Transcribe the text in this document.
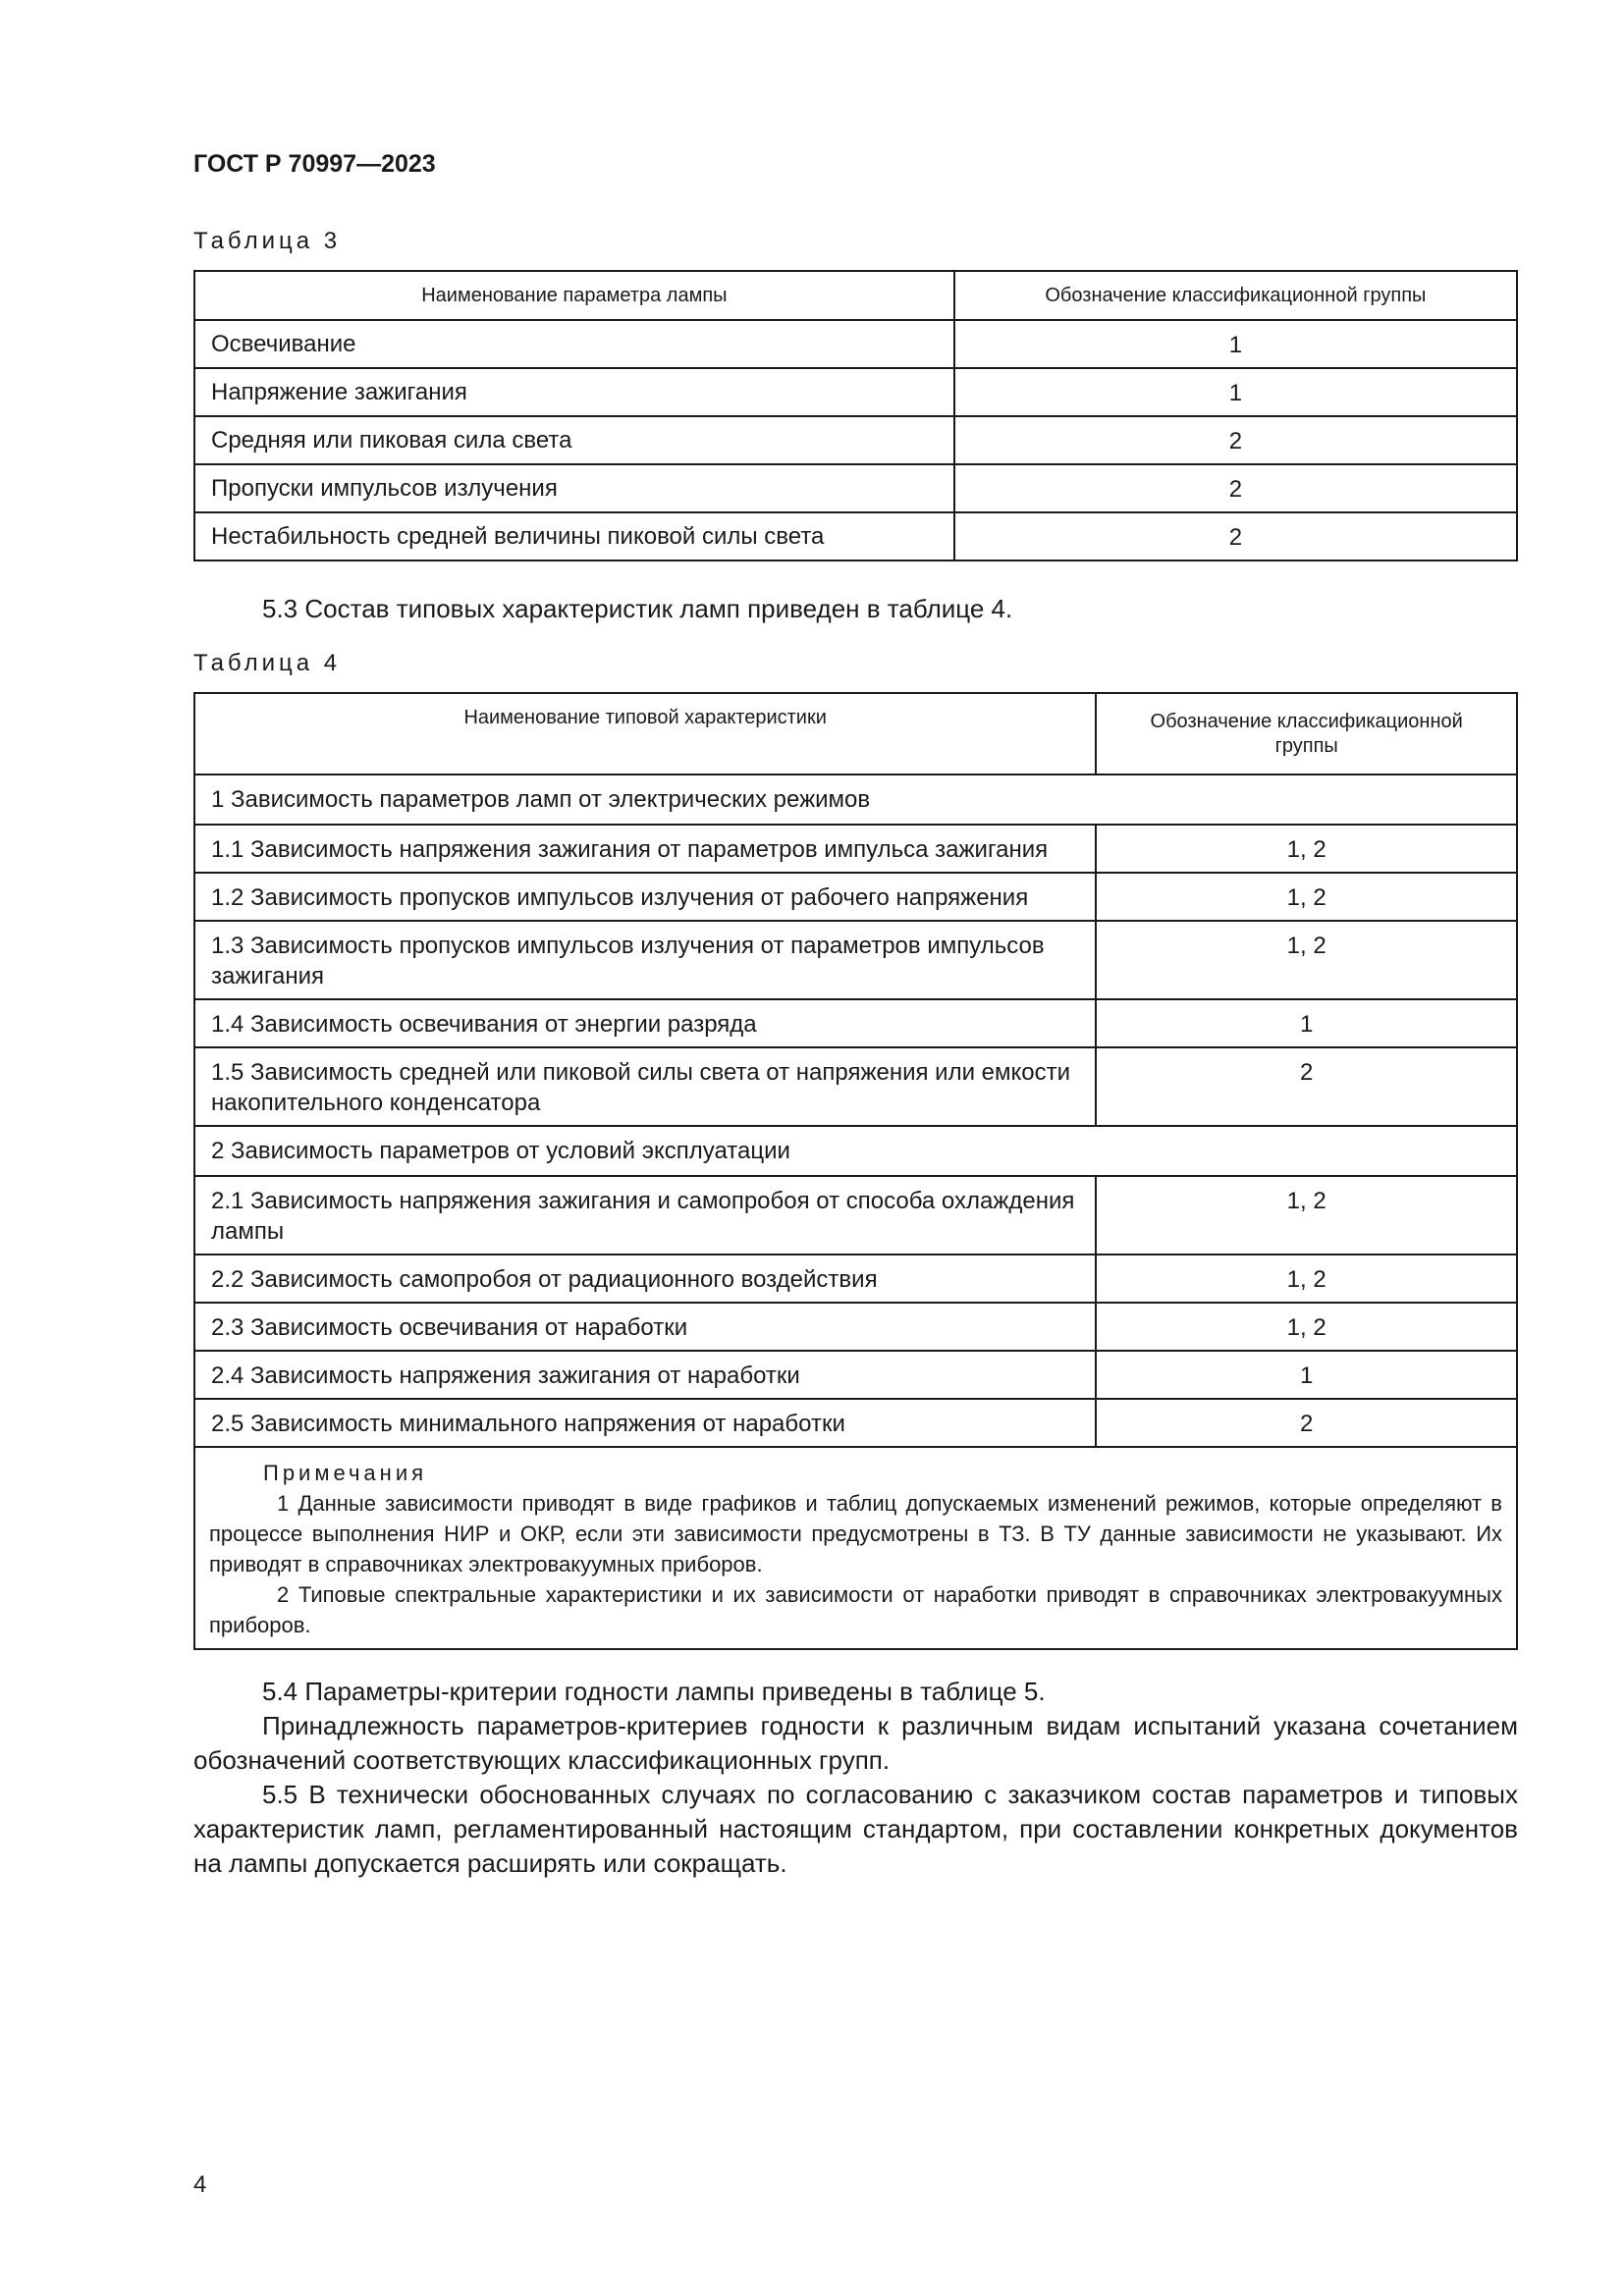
ГОСТ Р 70997—2023
Таблица 3
Наименование параметра лампы	Обозначение классификационной группы
Освечивание	1
Напряжение зажигания	1
Средняя или пиковая сила света	2
Пропуски импульсов излучения	2
Нестабильность средней величины пиковой силы света	2

5.3 Состав типовых характеристик ламп приведен в таблице 4.

Таблица 4
Наименование типовой характеристики	Обозначение классификационной группы
1 Зависимость параметров ламп от электрических режимов	
1.1 Зависимость напряжения зажигания от параметров импульса зажигания	1, 2
1.2 Зависимость пропусков импульсов излучения от рабочего напряжения	1, 2
1.3 Зависимость пропусков импульсов излучения от параметров импульсов зажигания	1, 2
1.4 Зависимость освечивания от энергии разряда	1
1.5 Зависимость средней или пиковой силы света от напряжения или емкости накопительного конденсатора	2
2 Зависимость параметров от условий эксплуатации	
2.1 Зависимость напряжения зажигания и самопробоя от способа охлаждения лампы	1, 2
2.2 Зависимость самопробоя от радиационного воздействия	1, 2
2.3 Зависимость освечивания от наработки	1, 2
2.4 Зависимость напряжения зажигания от наработки	1
2.5 Зависимость минимального напряжения от наработки	2

Примечания

1 Данные зависимости приводят в виде графиков и таблиц допускаемых изменений режимов, которые определяют в процессе выполнения НИР и ОКР, если эти зависимости предусмотрены в ТЗ. В ТУ данные зависимости не указывают. Их приводят в справочниках электровакуумных приборов.

2 Типовые спектральные характеристики и их зависимости от наработки приводят в справочниках электровакуумных приборов.	

5.4 Параметры-критерии годности лампы приведены в таблице 5.

Принадлежность параметров-критериев годности к различным видам испытаний указана сочетанием обозначений соответствующих классификационных групп.

5.5 В технически обоснованных случаях по согласованию с заказчиком состав параметров и типовых характеристик ламп, регламентированный настоящим стандартом, при составлении конкретных документов на лампы допускается расширять или сокращать.

4
